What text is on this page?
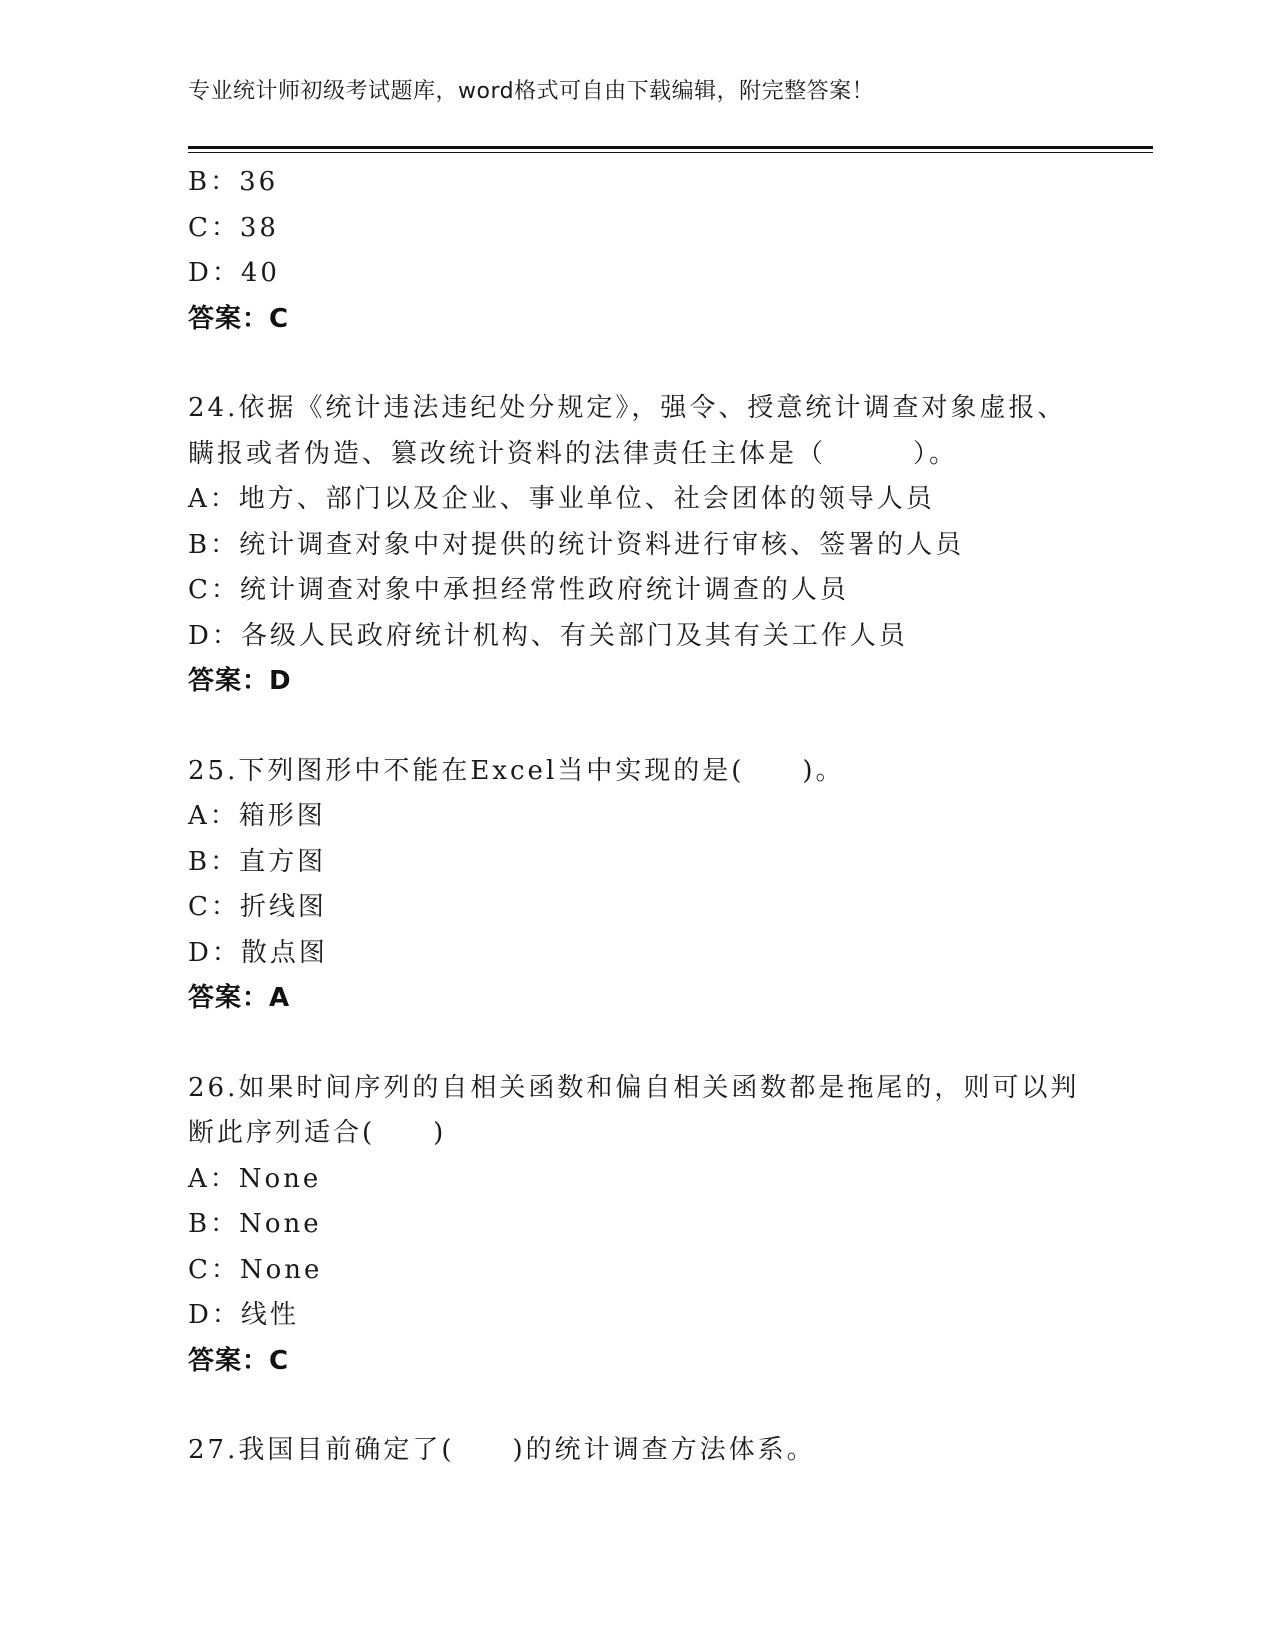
专业统计师初级考试题库，word格式可自由下载编辑，附完整答案！
B：36
C：38
D：40
答案：C
24.依据《统计违法违纪处分规定》，强令、授意统计调查对象虚报、
瞒报或者伪造、篡改统计资料的法律责任主体是（　　　）。
A：地方、部门以及企业、事业单位、社会团体的领导人员
B：统计调查对象中对提供的统计资料进行审核、签署的人员
C：统计调查对象中承担经常性政府统计调查的人员
D：各级人民政府统计机构、有关部门及其有关工作人员
答案：D
25.下列图形中不能在Excel当中实现的是(　　)。
A：箱形图
B：直方图
C：折线图
D：散点图
答案：A
26.如果时间序列的自相关函数和偏自相关函数都是拖尾的，则可以判
断此序列适合(　　)
A：None
B：None
C：None
D：线性
答案：C
27.我国目前确定了(　　)的统计调查方法体系。
